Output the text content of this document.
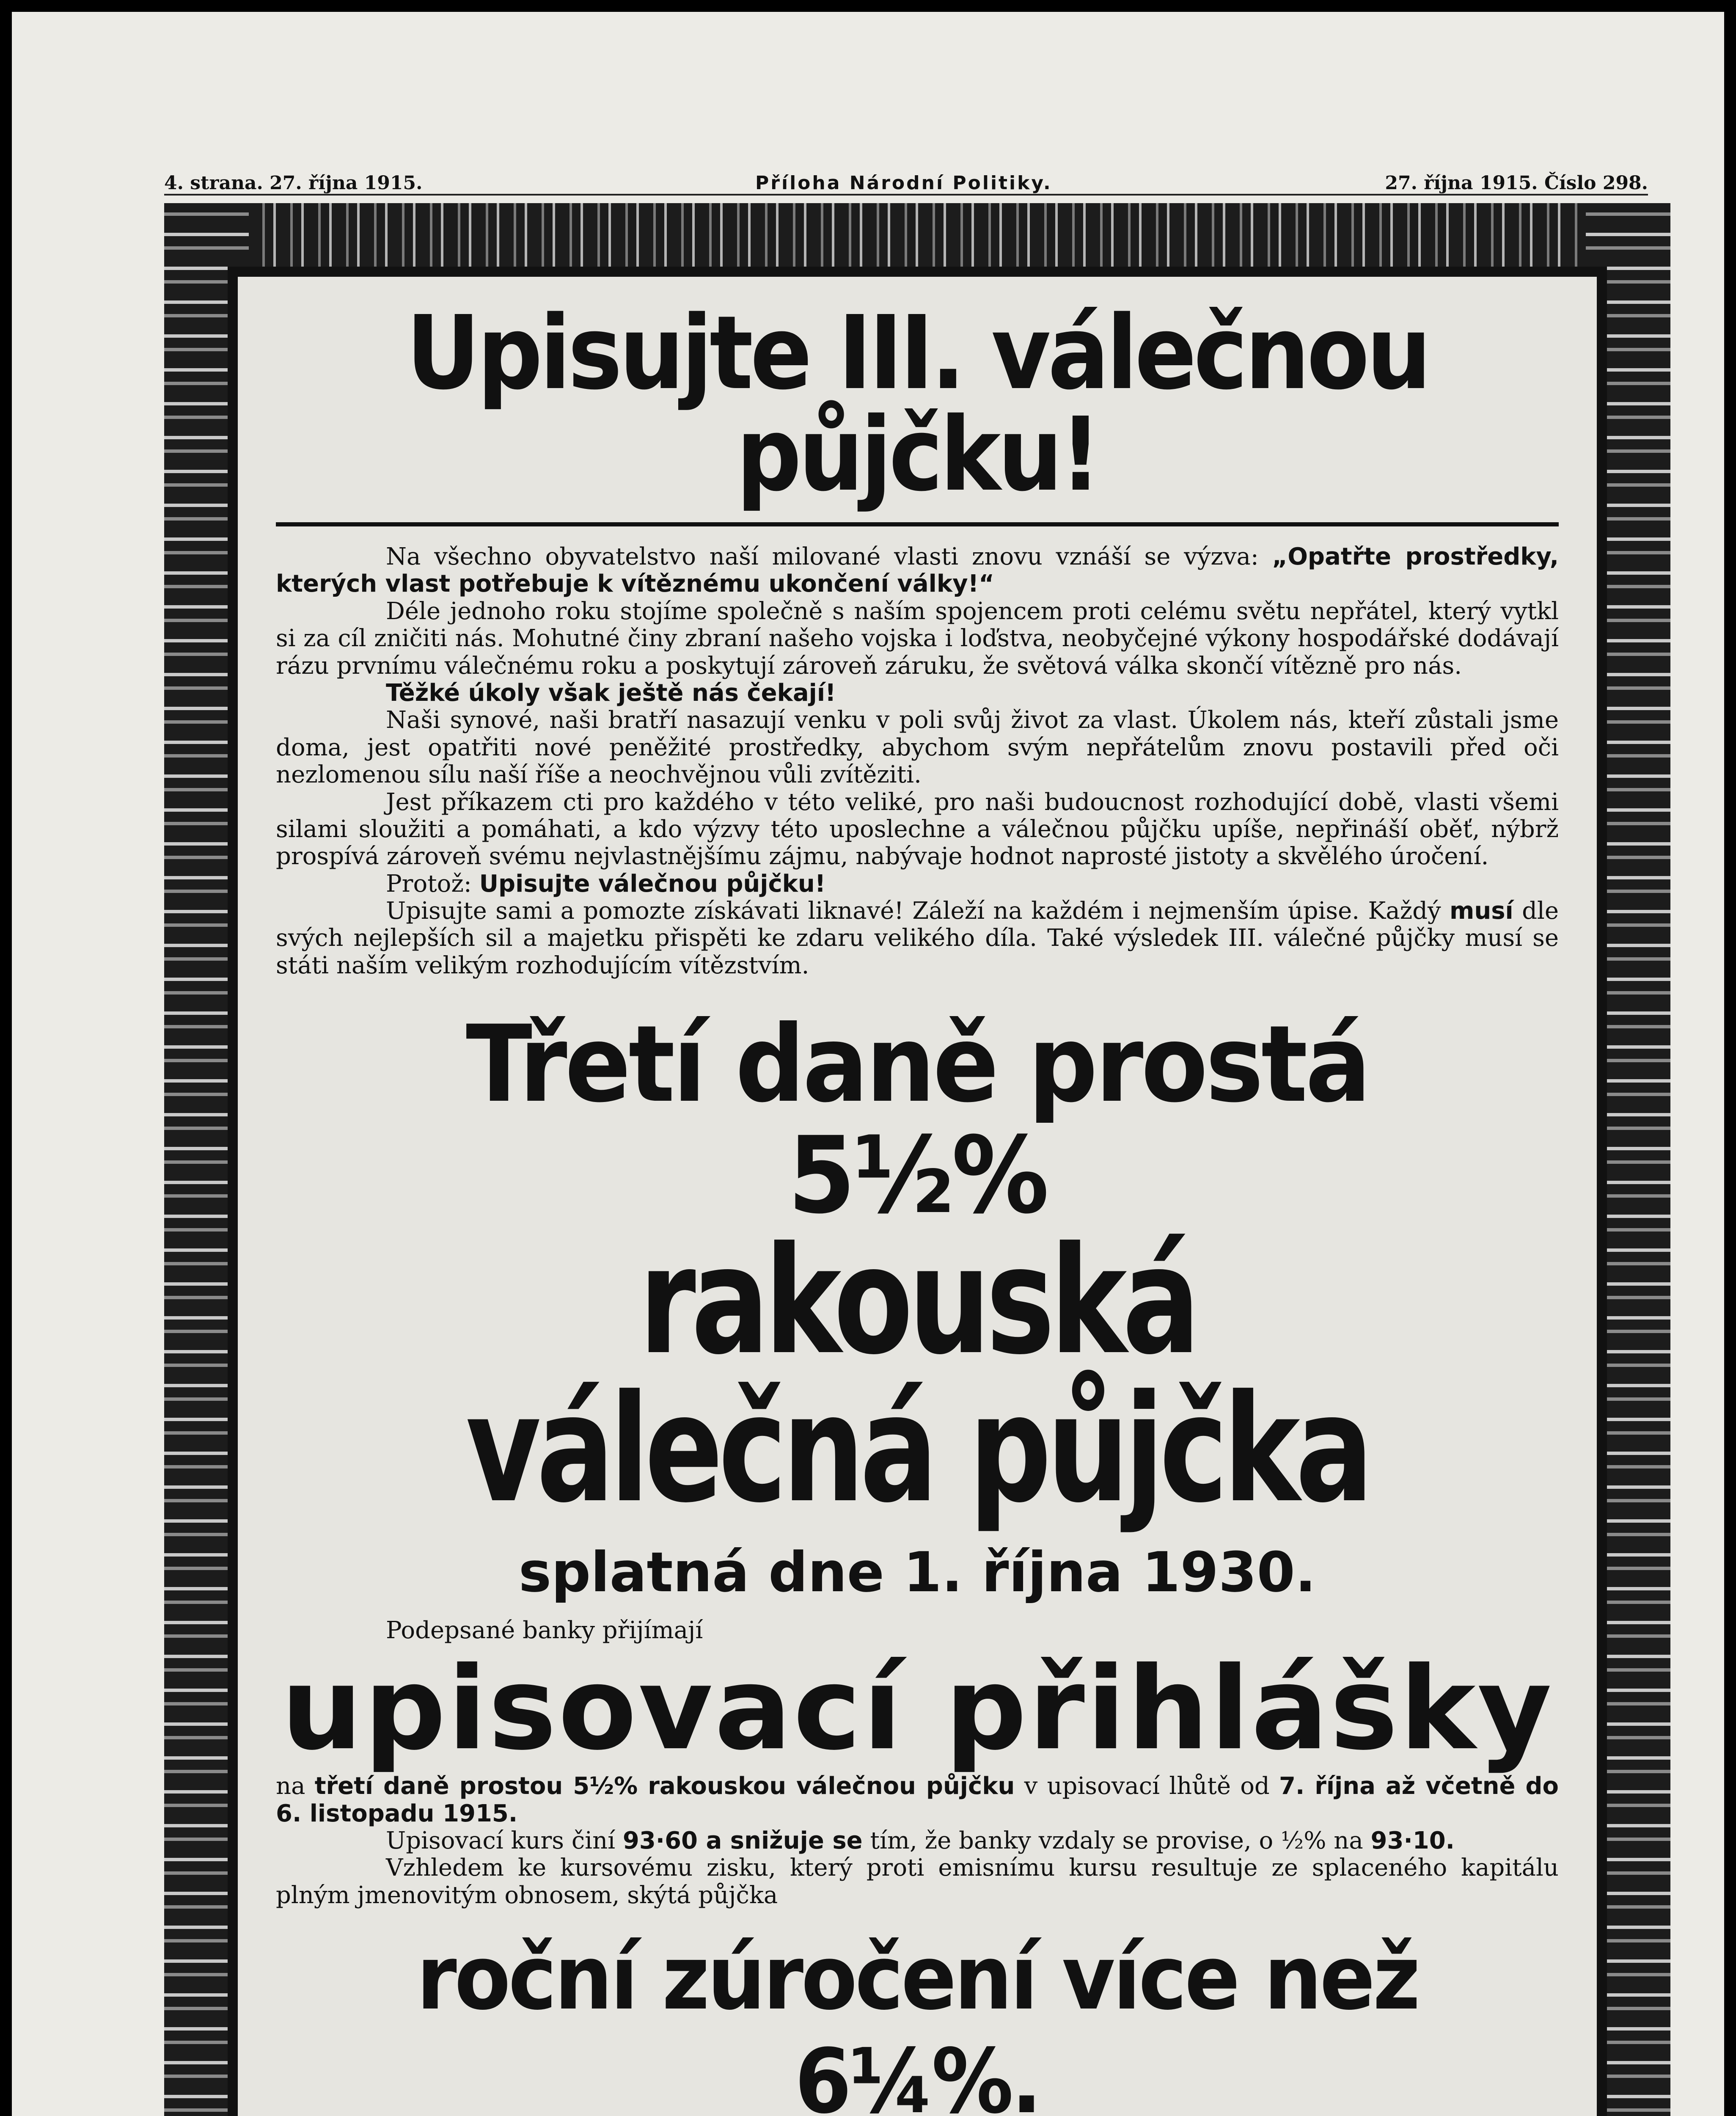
4. strana. 27. října 1915.	Příloha Národní Politiky.	27. října 1915. Číslo 298.
Upisujte III. válečnou půjčku!

Na všechno obyvatelstvo naší milované vlasti znovu vznáší se výzva: „Opatřte prostředky, kterých vlast potřebuje k vítěznému ukončení války!“

Déle jednoho roku stojíme společně s naším spojencem proti celému světu nepřátel, který vytkl si za cíl zničiti nás. Mohutné činy zbraní našeho vojska i loďstva, neobyčejné výkony hospodářské dodávají rázu prvnímu válečnému roku a poskytují zároveň záruku, že světová válka skončí vítězně pro nás.

Těžké úkoly však ještě nás čekají!

Naši synové, naši bratří nasazují venku v poli svůj život za vlast. Úkolem nás, kteří zůstali jsme doma, jest opatřiti nové peněžité prostředky, abychom svým nepřátelům znovu postavili před oči nezlomenou sílu naší říše a neochvějnou vůli zvítěziti.

Jest příkazem cti pro každého v této veliké, pro naši budoucnost rozhodující době, vlasti všemi silami sloužiti a pomáhati, a kdo výzvy této uposlechne a válečnou půjčku upíše, nepřináší oběť, nýbrž prospívá zároveň svému nejvlastnějšímu zájmu, nabývaje hodnot naprosté jistoty a skvělého úročení.

Protož: Upisujte válečnou půjčku!

Upisujte sami a pomozte získávati liknavé! Záleží na každém i nejmenším úpise. Každý musí dle svých nejlepších sil a majetku přispěti ke zdaru velikého díla. Také výsledek III. válečné půjčky musí se státi naším velikým rozhodujícím vítězstvím.

Třetí daně prostá 5½%
rakouská válečná půjčka
splatná dne 1. října 1930.

Podepsané banky přijímají

upisovací přihlášky

na třetí daně prostou 5½% rakouskou válečnou půjčku v upisovací lhůtě od 7. října až včetně do 6. listopadu 1915.

Upisovací kurs činí 93·60 a snižuje se tím, že banky vzdaly se provise, o ½% na 93·10.

Vzhledem ke kursovému zisku, který proti emisnímu kursu resultuje ze splaceného kapitálu plným jmenovitým obnosem, skýtá půjčka

roční zúročení více než 6¼%.
